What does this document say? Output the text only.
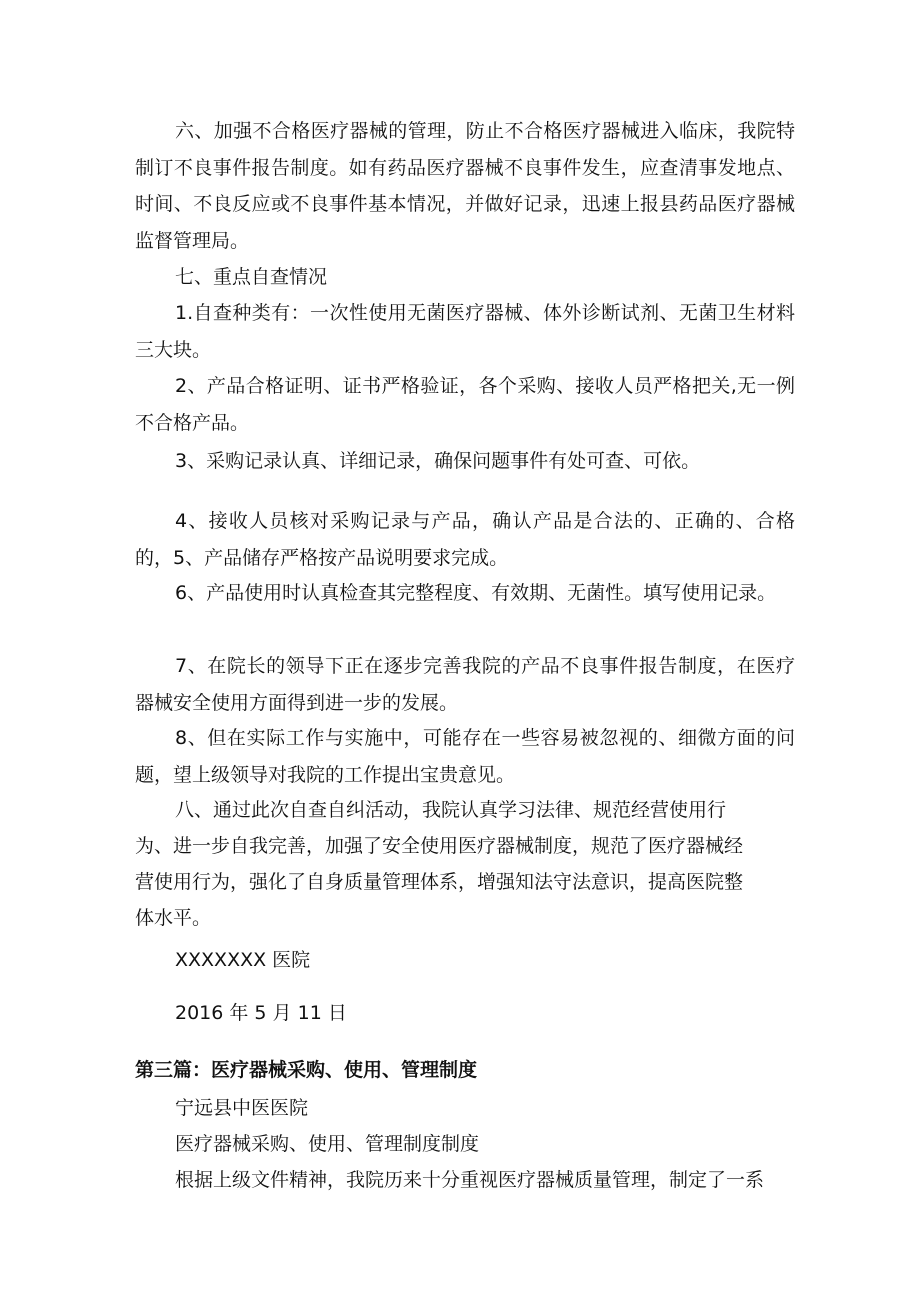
六、加强不合格医疗器械的管理，防止不合格医疗器械进入临床，我院特制订不良事件报告制度。如有药品医疗器械不良事件发生，应查清事发地点、时间、不良反应或不良事件基本情况，并做好记录，迅速上报县药品医疗器械监督管理局。

七、重点自查情况

1.自查种类有：一次性使用无菌医疗器械、体外诊断试剂、无菌卫生材料三大块。

2、产品合格证明、证书严格验证，各个采购、接收人员严格把关,无一例不合格产品。

3、采购记录认真、详细记录，确保问题事件有处可查、可依。

4、接收人员核对采购记录与产品，确认产品是合法的、正确的、合格的，5、产品储存严格按产品说明要求完成。

6、产品使用时认真检查其完整程度、有效期、无菌性。填写使用记录。

7、在院长的领导下正在逐步完善我院的产品不良事件报告制度，在医疗器械安全使用方面得到进一步的发展。

8、但在实际工作与实施中，可能存在一些容易被忽视的、细微方面的问题，望上级领导对我院的工作提出宝贵意见。

八、通过此次自查自纠活动，我院认真学习法律、规范经营使用行

为、进一步自我完善，加强了安全使用医疗器械制度，规范了医疗器械经

营使用行为，强化了自身质量管理体系，增强知法守法意识，提高医院整

体水平。

XXXXXXX 医院

2016 年 5 月 11 日

第三篇：医疗器械采购、使用、管理制度

宁远县中医医院

医疗器械采购、使用、管理制度制度

根据上级文件精神，我院历来十分重视医疗器械质量管理，制定了一系
